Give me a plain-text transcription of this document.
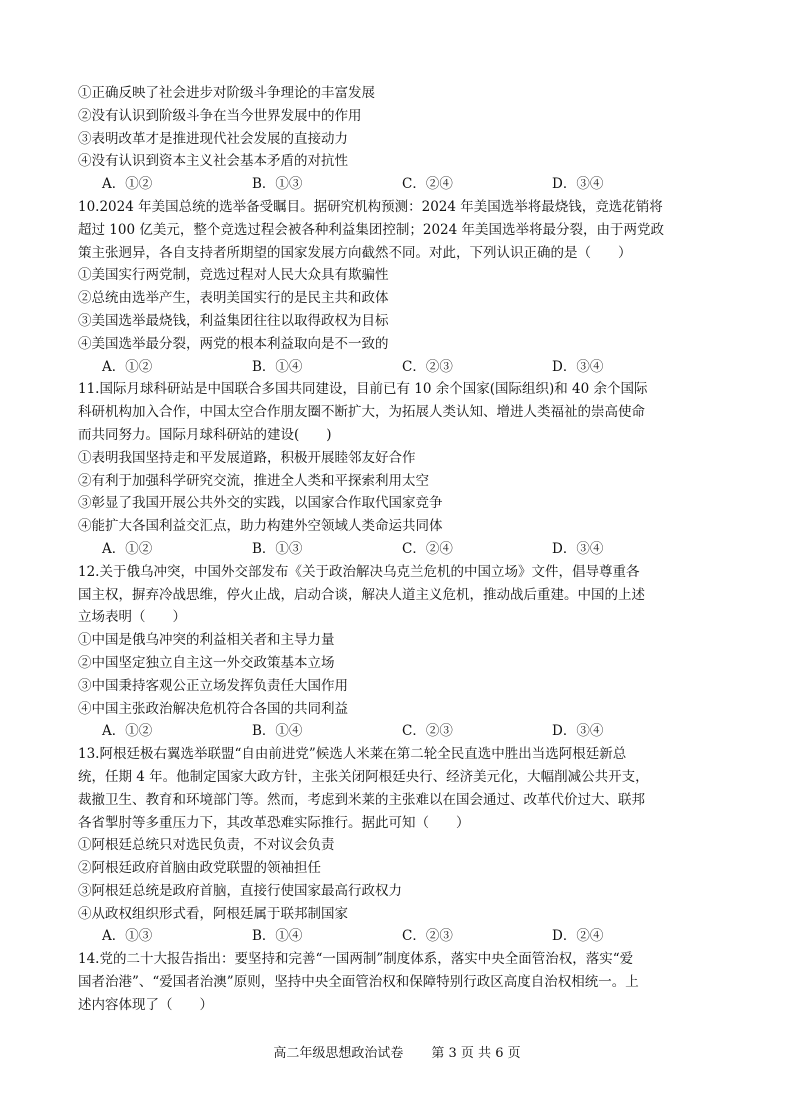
①正确反映了社会进步对阶级斗争理论的丰富发展
②没有认识到阶级斗争在当今世界发展中的作用
③表明改革才是推进现代社会发展的直接动力
④没有认识到资本主义社会基本矛盾的对抗性
A．①②	B．①③	C．②④	D．③④
10.2024 年美国总统的选举备受瞩目。据研究机构预测：2024 年美国选举将最烧钱，竞选花销将
超过 100 亿美元，整个竞选过程会被各种利益集团控制；2024 年美国选举将最分裂，由于两党政
策主张迥异，各自支持者所期望的国家发展方向截然不同。对此，下列认识正确的是（　　）
①美国实行两党制，竞选过程对人民大众具有欺骗性
②总统由选举产生，表明美国实行的是民主共和政体
③美国选举最烧钱，利益集团往往以取得政权为目标
④美国选举最分裂，两党的根本利益取向是不一致的
A．①②	B．①④	C．②③	D．③④
11.国际月球科研站是中国联合多国共同建设，目前已有 10 余个国家(国际组织)和 40 余个国际
科研机构加入合作，中国太空合作朋友圈不断扩大，为拓展人类认知、增进人类福祉的崇高使命
而共同努力。国际月球科研站的建设(　　)
①表明我国坚持走和平发展道路，积极开展睦邻友好合作
②有利于加强科学研究交流，推进全人类和平探索利用太空
③彰显了我国开展公共外交的实践，以国家合作取代国家竞争
④能扩大各国利益交汇点，助力构建外空领域人类命运共同体
A．①②	B．①③	C．②④	D．③④
12.关于俄乌冲突，中国外交部发布《关于政治解决乌克兰危机的中国立场》文件，倡导尊重各
国主权，摒弃冷战思维，停火止战，启动合谈，解决人道主义危机，推动战后重建。中国的上述
立场表明（　　）
①中国是俄乌冲突的利益相关者和主导力量
②中国坚定独立自主这一外交政策基本立场
③中国秉持客观公正立场发挥负责任大国作用
④中国主张政治解决危机符合各国的共同利益
A．①②	B．①④	C．②③	D．③④
13.阿根廷极右翼选举联盟“自由前进党”候选人米莱在第二轮全民直选中胜出当选阿根廷新总
统，任期 4 年。他制定国家大政方针，主张关闭阿根廷央行、经济美元化，大幅削减公共开支，
裁撤卫生、教育和环境部门等。然而，考虑到米莱的主张难以在国会通过、改革代价过大、联邦
各省掣肘等多重压力下，其改革恐难实际推行。据此可知（　　）
①阿根廷总统只对选民负责，不对议会负责
②阿根廷政府首脑由政党联盟的领袖担任
③阿根廷总统是政府首脑，直接行使国家最高行政权力
④从政权组织形式看，阿根廷属于联邦制国家
A．①③	B．①④	C．②③	D．②④
14.党的二十大报告指出：要坚持和完善“一国两制”制度体系，落实中央全面管治权，落实“爱
国者治港”、“爱国者治澳”原则，坚持中央全面管治权和保障特别行政区高度自治权相统一。上
述内容体现了（　　）
高二年级思想政治试卷 第 3 页 共 6 页
